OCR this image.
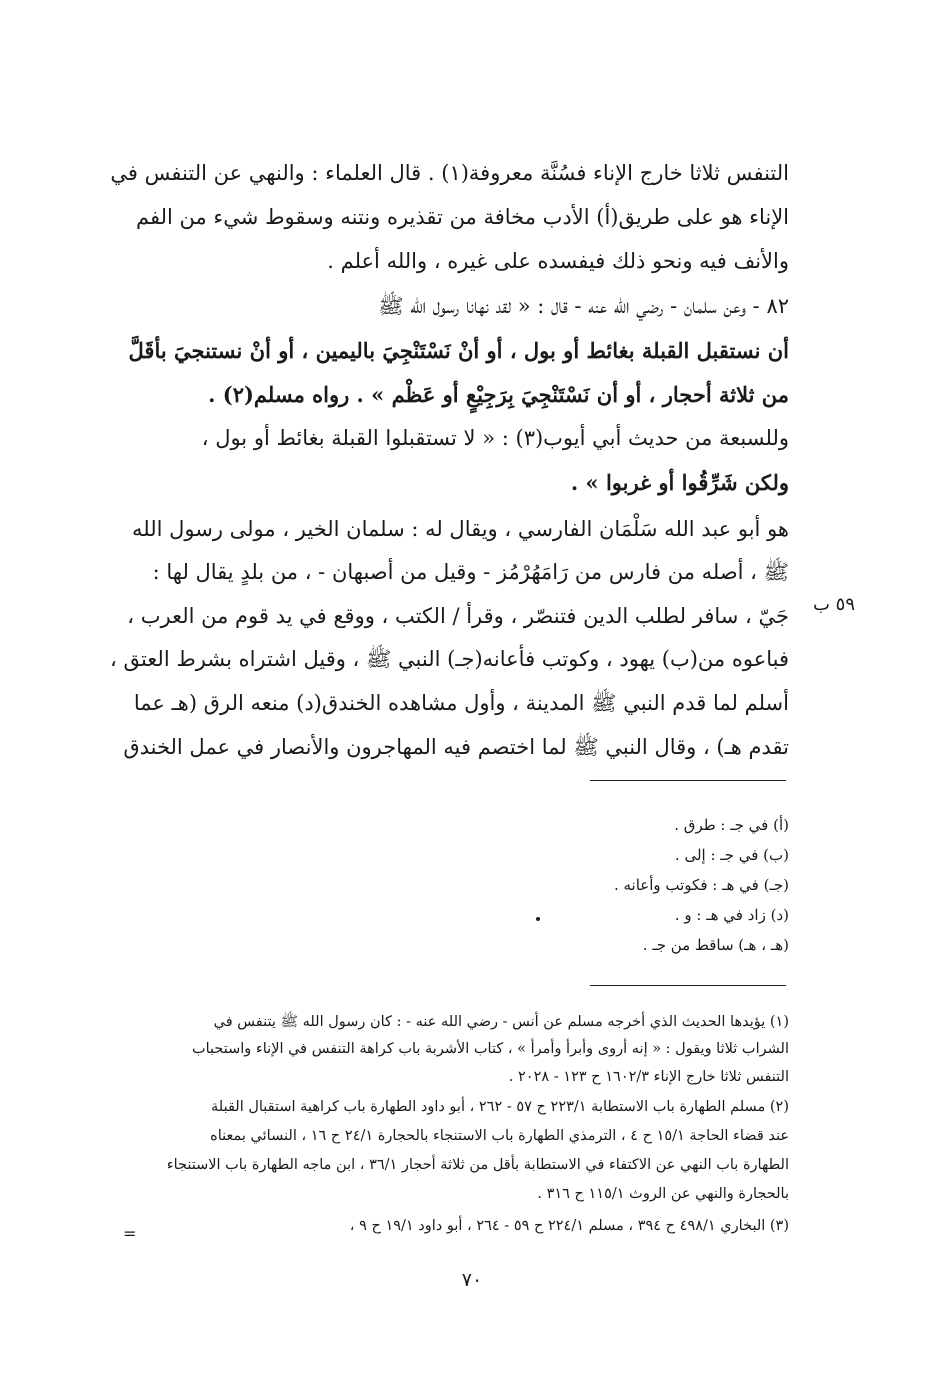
التنفس ثلاثا خارج الإناء فسُنَّة معروفة(١) . قال العلماء : والنهي عن التنفس في
الإناء هو على طريق(أ) الأدب مخافة من تقذيره ونتنه وسقوط شيء من الفم
والأنف فيه ونحو ذلك فيفسده على غيره ، والله أعلم .
٨٢ - وعن سلمان - رضي الله عنه - قال : « لقد نهانا رسول الله ﷺ
أن نستقبل القبلة بغائط أو بول ، أو أنْ نَسْتَنْجِيَ باليمين ، أو أنْ نستنجيَ بأقَلَّ
من ثلاثة أحجار ، أو أن نَسْتَنْجِيَ بِرَجِيْعٍ أو عَظْم » . رواه مسلم(٢) .
وللسبعة من حديث أبي أيوب(٣) : « لا تستقبلوا القبلة بغائط أو بول ،
ولكن شَرِّقُوا أو غربوا » .
هو أبو عبد الله سَلْمَان الفارسي ، ويقال له : سلمان الخير ، مولى رسول الله
ﷺ ، أصله من فارس من رَامَهُرْمُز - وقيل من أصبهان - ، من بلدٍ يقال لها :
جَيّ ، سافر لطلب الدين فتنصّر ، وقرأ / الكتب ، ووقع في يد قوم من العرب ،
فباعوه من(ب) يهود ، وكوتب فأعانه(جـ) النبي ﷺ ، وقيل اشتراه بشرط العتق ،
أسلم لما قدم النبي ﷺ المدينة ، وأول مشاهده الخندق(د) منعه الرق (هـ عما
تقدم هـ) ، وقال النبي ﷺ لما اختصم فيه المهاجرون والأنصار في عمل الخندق
٥٩ ب
(أ) في جـ : طرق .
(ب) في جـ : إلى .
(جـ) في هـ : فكوتب وأعانه .
(د) زاد في هـ : و .
(هـ ، هـ) ساقط من جـ .
(١) يؤيدها الحديث الذي أخرجه مسلم عن أنس - رضي الله عنه - : كان رسول الله ﷺ يتنفس في
الشراب ثلاثا ويقول : « إنه أروى وأبرأ وأمرأ » ، كتاب الأشربة باب كراهة التنفس في الإناء واستحباب
التنفس ثلاثا خارج الإناء ١٦٠٢/٣ ح ١٢٣ - ٢٠٢٨ .
(٢) مسلم الطهارة باب الاستطابة ٢٢٣/١ ح ٥٧ - ٢٦٢ ، أبو داود الطهارة باب كراهية استقبال القبلة
عند قضاء الحاجة ١٥/١ ح ٤ ، الترمذي الطهارة باب الاستنجاء بالحجارة ٢٤/١ ح ١٦ ، النسائي بمعناه
الطهارة باب النهي عن الاكتفاء في الاستطابة بأقل من ثلاثة أحجار ٣٦/١ ، ابن ماجه الطهارة باب الاستنجاء
بالحجارة والنهي عن الروث ١١٥/١ ح ٣١٦ .
(٣) البخاري ٤٩٨/١ ح ٣٩٤ ، مسلم ٢٢٤/١ ح ٥٩ - ٢٦٤ ، أبو داود ١٩/١ ح ٩ ،
=
٧٠
